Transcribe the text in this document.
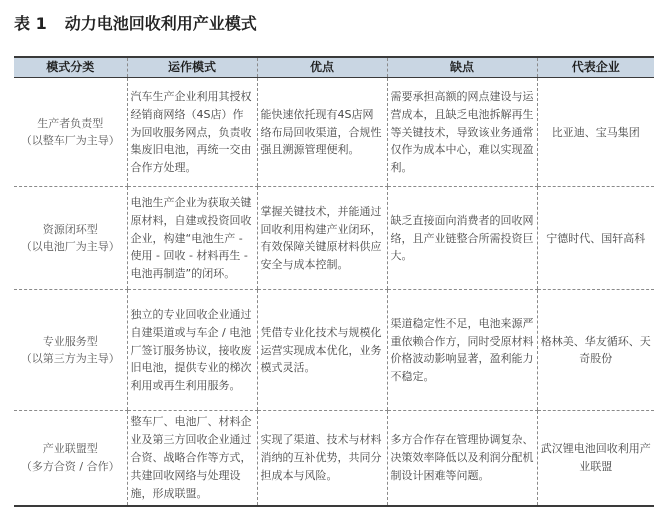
表 1 动力电池回收利用产业模式
模式分类	运作模式	优点	缺点	代表企业

生产者负责型
（以整车厂为主导）	汽车生产企业利用其授权经销商网络（4S店）作为回收服务网点，负责收集废旧电池，再统一交由合作方处理。	能快速依托现有4S店网络布局回收渠道，合规性强且溯源管理便利。	需要承担高额的网点建设与运营成本，且缺乏电池拆解再生等关键技术，导致该业务通常仅作为成本中心，难以实现盈利。	比亚迪、宝马集团

资源闭环型
（以电池厂为主导）	电池生产企业为获取关键原材料，自建或投资回收企业，构建“电池生产 - 使用 - 回收 - 材料再生 - 电池再制造”的闭环。	掌握关键技术，并能通过回收利用构建产业闭环，有效保障关键原材料供应安全与成本控制。	缺乏直接面向消费者的回收网络，且产业链整合所需投资巨大。	宁德时代、国轩高科

专业服务型
（以第三方为主导）	独立的专业回收企业通过自建渠道或与车企 / 电池厂签订服务协议，接收废旧电池，提供专业的梯次利用或再生利用服务。	凭借专业化技术与规模化运营实现成本优化，业务模式灵活。	渠道稳定性不足，电池来源严重依赖合作方，同时受原材料价格波动影响显著，盈利能力不稳定。	格林美、华友循环、天奇股份

产业联盟型
（多方合资 / 合作）	整车厂、电池厂、材料企业及第三方回收企业通过合资、战略合作等方式，共建回收网络与处理设施，形成联盟。	实现了渠道、技术与材料消纳的互补优势，共同分担成本与风险。	多方合作存在管理协调复杂、决策效率降低以及利润分配机制设计困难等问题。	武汉锂电池回收利用产业联盟
